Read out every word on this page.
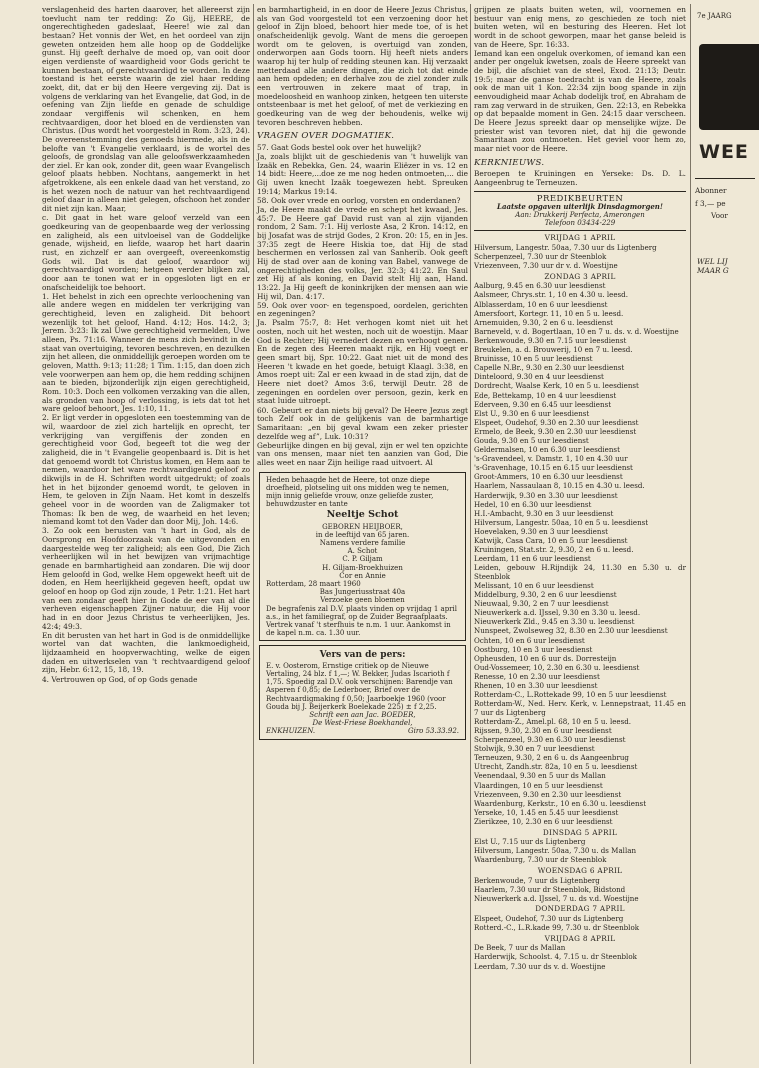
verslagenheid des harten daarover, het allereerst zijn toevlucht nam ter redding: Zo Gij, HEERE, de ongerechtigheden gadeslaat, Heere! wie zal dan bestaan? Het vonnis der Wet, en het oordeel van zijn geweten ontzeiden hem alle hoop op de Goddelijke gunst. Hij geeft derhalve de moed op, van ooit door eigen verdienste of waardigheid voor Gods gericht te kunnen bestaan, of gerechtvaardigd te worden. In deze toestand is het eerste waarin de ziel haar redding zoekt, dit, dat er bij den Heere vergeving zij. Dat is volgens de verklaring van het Evangelie, dat God, in de oefening van Zijn liefde en genade de schuldige zondaar vergiffenis wil schenken, en hem rechtvaardigen, door het bloed en de verdiensten van Christus. (Dus wordt het voorgesteld in Rom. 3:23, 24). De overeenstemming des gemoeds hiermede, als in de belofte van 't Evangelie verklaard, is de wortel des geloofs, de grondslag van alle geloofswerkzaamheden der ziel. Er kan ook, zonder dit, geen waar Evangelisch geloof plaats hebben. Nochtans, aangemerkt in het afgetrokkene, als een enkele daad van het verstand, zo is het wezen noch de natuur van het rechtvaardigend geloof daar in alleen niet gelegen, ofschoon het zonder dit niet zijn kan. Maar,

c. Dit gaat in het ware geloof verzeld van een goedkeuring van de geopenbaarde weg der verlossing en zaligheid, als een uitvloeisel van de Goddelijke genade, wijsheid, en liefde, waarop het hart daarin rust, en zichzelf er aan overgeeft, overeenkomstig Gods wil. Dat is dat geloof, waardoor wij gerechtvaardigd worden; hetgeen verder blijken zal, door aan te tonen wat er in opgesloten ligt en er onafscheidelijk toe behoort.

1. Het behelst in zich een oprechte verloochening van alle andere wegen en middelen ter verkrijging van gerechtigheid, leven en zaligheid. Dit behoort wezenlijk tot het geloof, Hand. 4:12; Hos. 14:2, 3; Jerem. 3:23: Ik zal Uwe gerechtigheid vermelden, Uwe alleen, Ps. 71:16. Wanneer de mens zich bevindt in de staat van overtuiging, tevoren beschreven, en dezulken zijn het alleen, die onmiddellijk geroepen worden om te geloven, Matth. 9:13; 11:28; 1 Tim. 1:15, dan doen zich vele voorwerpen aan hem op, die hem redding schijnen aan te bieden, bijzonderlijk zijn eigen gerechtigheid, Rom. 10:3. Doch een volkomen verzaking van die allen, als gronden van hoop of verlossing, is iets dat tot het ware geloof behoort, Jes. 1:10, 11.

2. Er ligt verder in opgesloten een toestemming van de wil, waardoor de ziel zich hartelijk en oprecht, ter verkrijging van vergiffenis der zonden en gerechtigheid voor God, begeeft tot die weg der zaligheid, die in 't Evangelie geopenbaard is. Dit is het dat genoemd wordt tot Christus komen, en Hem aan te nemen, waardoor het ware rechtvaardigend geloof zo dikwijls in de H. Schriften wordt uitgedrukt; of zoals het in het bijzonder genoemd wordt, te geloven in Hem, te geloven in Zijn Naam. Het komt in deszelfs geheel voor in de woorden van de Zaligmaker tot Thomas: Ik ben de weg, de waarheid en het leven; niemand komt tot den Vader dan door Mij, Joh. 14:6.

3. Zo ook een berusten van 't hart in God, als de Oorsprong en Hoofdoorzaak van de uitgevonden en daargestelde weg ter zaligheid; als een God, Die Zich verheerlijken wil in het bewijzen van vrijmachtige genade en barmhartigheid aan zondaren. Die wij door Hem geloofd in God, welke Hem opgewekt heeft uit de doden, en Hem heerlijkheid gegeven heeft, opdat uw geloof en hoop op God zijn zoude, 1 Petr. 1:21. Het hart van een zondaar geeft hier in Gode de eer van al die verheven eigenschappen Zijner natuur, die Hij voor had in en door Jezus Christus te verheerlijken, Jes. 42:4; 49:3.

En dit berusten van het hart in God is de onmiddellijke wortel van dat wachten, die lankmoedigheid, lijdzaamheid en hoopverwachting, welke de eigen daden en uitwerkselen van 't rechtvaardigend geloof zijn, Hebr. 6:12, 15, 18, 19.

4. Vertrouwen op God, of op Gods genade

en barmhartigheid, in en door de Heere Jezus Christus, als van God voorgesteld tot een verzoening door het geloof in Zijn bloed, behoort hier mede toe, of is het onafscheidenlijk gevolg. Want de mens die geroepen wordt om te geloven, is overtuigd van zonden, onderworpen aan Gods toorn. Hij heeft niets anders waarop hij ter hulp of redding steunen kan. Hij verzaakt metterdaad alle andere dingen, die zich tot dat einde aan hem opdeden; en derhalve zou de ziel zonder zulk een vertrouwen in zekere maat of trap, in moedeloosheid en wanhoop zinken, hetgeen ten uiterste ontsteenbaar is met het geloof, of met de verkiezing en goedkeuring van de weg der behoudenis, welke wij tevoren beschreven hebben.

VRAGEN OVER DOGMATIEK.

57. Gaat Gods bestel ook over het huwelijk?

Ja, zoals blijkt uit de geschiedenis van 't huwelijk van Izaäk en Rebekka, Gen. 24, waarin Eliëzer in vs. 12 en 14 bidt: Heere,...doe ze me nog heden ontmoeten,... die Gij uwen knecht Izaäk toegewezen hebt. Spreuken 19:14; Markus 19:14.

58. Ook over vrede en oorlog, vorsten en onderdanen?

Ja, de Heere maakt de vrede en schept het kwaad, Jes. 45:7. De Heere gaf David rust van al zijn vijanden rondom, 2 Sam. 7:1. Hij verloste Asa, 2 Kron. 14:12, en bij Josafat was de strijd Godes, 2 Kron. 20: 15, en in Jes. 37:35 zegt de Heere Hiskia toe, dat Hij de stad beschermen en verlossen zal van Sanherib. Ook geeft Hij de stad over aan de koning van Babel, vanwege de ongerechtigheden des volks, Jer. 32:3; 41:22. En Saul zet Hij af als koning, en David stelt Hij aan, Hand. 13:22. Ja Hij geeft de koninkrijken der mensen aan wie Hij wil, Dan. 4:17.

59. Ook over voor- en tegenspoed, oordelen, gerichten en zegeningen?

Ja. Psalm 75:7, 8: Het verhogen komt niet uit het oosten, noch uit het westen, noch uit de woestijn. Maar God is Rechter; Hij vernedert dezen en verhoogt genen. En de zegen des Heeren maakt rijk, en Hij voegt er geen smart bij, Spr. 10:22. Gaat niet uit de mond des Heeren 't kwade en het goede, betuigt Klaagl. 3:38, en Amos roept uit: Zal er een kwaad in de stad zijn, dat de Heere niet doet? Amos 3:6, terwijl Deutr. 28 de zegeningen en oordelen over persoon, gezin, kerk en staat luide uitroept.

60. Gebeurt er dan niets bij geval? De Heere Jezus zegt toch Zelf ook in de gelijkenis van de barmhartige Samaritaan: „en bij geval kwam een zeker priester dezelfde weg af”, Luk. 10:31?

Gebeurlijke dingen en bij geval, zijn er wel ten opzichte van ons mensen, maar niet ten aanzien van God, Die alles weet en naar Zijn heilige raad uitvoert. Al

Heden behaagde het de Heere, tot onze diepe droefheid, plotseling uit ons midden weg te nemen, mijn innig geliefde vrouw, onze geliefde zuster, behuwdzuster en tante

Neeltje Schot

GEBOREN HEIJBOER,

in de leeftijd van 65 jaren.

Namens verdere familie

A. Schot

C. P. Giljam

H. Giljam-Broekhuizen

Cor en Annie

Rotterdam, 28 maart 1960

Bas Jungeriusstraat 40a

Verzoeke geen bloemen

De begrafenis zal D.V. plaats vinden op vrijdag 1 april a.s., in het familiegraf, op de Zuider Begraafplaats.

Vertrek vanaf 't sterfhuis te n.m. 1 uur. Aankomst in de kapel n.m. ca. 1.30 uur.

Vers van de pers:

E. v. Oosterom, Ernstige critiek op de Nieuwe Vertaling, 24 blz. f 1,—; W. Bekker, Judas Iscarioth f 1,75. Spoedig zal D.V. ook verschijnen: Barendje van Asperen f 0,85; de Lederboer, Brief over de Rechtvaardigmaking f 0,50; Jaarboekje 1960 (voor Gouda bij J. Beijerkerk Boelekade 225) ± f 2,25.

Schrift een aan Jac. BOEDER,

De West-Friese Boekhandel,

ENKHUIZEN.	Giro 53.33.92.

grijpen ze plaats buiten weten, wil, voornemen en bestuur van enig mens, zo geschieden ze toch niet buiten weten, wil en besturing des Heeren. Het lot wordt in de schoot geworpen, maar het ganse beleid is van de Heere, Spr. 16:33.

Iemand kan een ongeluk overkomen, of iemand kan een ander per ongeluk kwetsen, zoals de Heere spreekt van de bijl, die afschiet van de steel, Exod. 21:13; Deutr. 19:5; maar de ganse toedracht is van de Heere, zoals ook de man uit 1 Kon. 22:34 zijn boog spande in zijn eenvoudigheid maar Achab dodelijk trof, en Abraham de ram zag verward in de struiken, Gen. 22:13, en Rebekka op dat bepaalde moment in Gen. 24:15 daar verscheen. De Heere Jezus spreekt daar op menselijke wijze. De priester wist van tevoren niet, dat hij die gewonde Samaritaan zou ontmoeten. Het geviel voor hem zo, maar niet voor de Heere.

KERKNIEUWS.

Beroepen te Kruiningen en Yerseke: Ds. D. L. Aangeenbrug te Terneuzen.

PREDIKBEURTEN
Laatste opgaven uiterlijk Dinsdagmorgen!
Aan: Drukkerij Perfecta, Amerongen
Telefoon 03434-229
VRIJDAG 1 APRIL

Hilversum, Langestr. 50aa, 7.30 uur ds Ligtenberg

Scherpenzeel, 7.30 uur dr Steenblok

Vriezenveen, 7.30 uur dr v. d. Woestijne

ZONDAG 3 APRIL

Aalburg, 9.45 en 6.30 uur leesdienst

Aalsmeer, Chrys.str. 1, 10 en 4.30 u. leesd.

Alblasserdam, 10 en 6 uur leesdienst

Amersfoort, Kortegr. 11, 10 en 5 u. leesd.

Arnemuiden, 9.30, 2 en 6 u. leesdienst

Barneveld, v. d. Bogertlaan, 10 en 7 u. ds. v. d. Woestijne

Berkenwoude, 9.30 en 7.15 uur leesdienst

Breukelen, a. d. Brouwerij, 10 en 7 u. leesd.

Bruinisse, 10 en 5 uur leesdienst

Capelle N.Br., 9.30 en 2.30 uur leesdienst

Dinteloord, 9.30 en 4 uur leesdienst

Dordrecht, Waalse Kerk, 10 en 5 u. leesdienst

Ede, Bettekamp, 10 en 4 uur leesdienst

Ederveen, 9.30 en 6.45 uur leesdienst

Elst U., 9.30 en 6 uur leesdienst

Elspeet, Oudehof, 9.30 en 2.30 uur leesdienst

Ermelo, de Beek, 9.30 en 2.30 uur leesdienst

Gouda, 9.30 en 5 uur leesdienst

Geldermalsen, 10 en 6.30 uur leesdienst

's-Gravendeel, v. Damstr. 1, 10 en 4.30 uur

's-Gravenhage, 10.15 en 6.15 uur leesdienst

Groot-Ammers, 10 en 6.30 uur leesdienst

Haarlem, Nassaulaan 8, 10.15 en 4.30 u. leesd.

Harderwijk, 9.30 en 3.30 uur leesdienst

Hedel, 10 en 6.30 uur leesdienst

H.I.-Ambacht, 9.30 en 3 uur leesdienst

Hilversum, Langestr. 50aa, 10 en 5 u. leesdienst

Hoevelaken, 9.30 en 3 uur leesdienst

Katwijk, Casa Cara, 10 en 5 uur leesdienst

Kruiningen, Stat.str. 2, 9.30, 2 en 6 u. leesd.

Leerdam, 11 en 6 uur leesdienst

Leiden, gebouw H.Rijndijk 24, 11.30 en 5.30 u. dr Steenblok

Melissant, 10 en 6 uur leesdienst

Middelburg, 9.30, 2 en 6 uur leesdienst

Nieuwaal, 9.30, 2 en 7 uur leesdienst

Nieuwerkerk a.d. IJssel, 9.30 en 3.30 u. leesd.

Nieuwerkerk Zld., 9.45 en 3.30 u. leesdienst

Nunspeet, Zwolseweg 32, 8.30 en 2.30 uur leesdienst

Ochten, 10 en 6 uur leesdienst

Oostburg, 10 en 3 uur leesdienst

Opheusden, 10 en 6 uur ds. Dorresteijn

Oud-Vossemeer, 10, 2.30 en 6.30 u. leesdienst

Renesse, 10 en 2.30 uur leesdienst

Rhenen, 10 en 3.30 uur leesdienst

Rotterdam-C., L.Rottekade 99, 10 en 5 uur leesdienst

Rotterdam-W., Ned. Herv. Kerk, v. Lennepstraat, 11.45 en 7 uur ds Ligtenberg

Rotterdam-Z., Amel.pl. 68, 10 en 5 u. leesd.

Rijssen, 9.30, 2.30 en 6 uur leesdienst

Scherpenzeel, 9.30 en 6.30 uur leesdienst

Stolwijk, 9.30 en 7 uur leesdienst

Terneuzen, 9.30, 2 en 6 u. ds Aangeenbrug

Utrecht, Zandh.str. 82a, 10 en 5 u. leesdienst

Veenendaal, 9.30 en 5 uur ds Mallan

Vlaardingen, 10 en 5 uur leesdienst

Vriezenveen, 9.30 en 2.30 uur leesdienst

Waardenburg, Kerkstr., 10 en 6.30 u. leesdienst

Yerseke, 10, 1.45 en 5.45 uur leesdienst

Zierikzee, 10, 2.30 en 6 uur leesdienst

DINSDAG 5 APRIL

Elst U., 7.15 uur ds Ligtenberg

Hilversum, Langestr. 50aa, 7.30 u. ds Mallan

Waardenburg, 7.30 uur dr Steenblok

WOENSDAG 6 APRIL

Berkenwoude, 7 uur ds Ligtenberg

Haarlem, 7.30 uur dr Steenblok, Bidstond

Nieuwerkerk a.d. IJssel, 7 u. ds v.d. Woestijne

DONDERDAG 7 APRIL

Elspeet, Oudehof, 7.30 uur ds Ligtenberg

Rotterd.-C., L.R.kade 99, 7.30 u. dr Steenblok

VRIJDAG 8 APRIL

De Beek, 7 uur ds Mallan

Harderwijk, Schoolst. 4, 7.15 u. dr Steenblok

Leerdam, 7.30 uur ds v. d. Woestijne

7e JAARG
WEE
Abonner
f 3,— pe
Voor
WEL LIJ MAAR G
